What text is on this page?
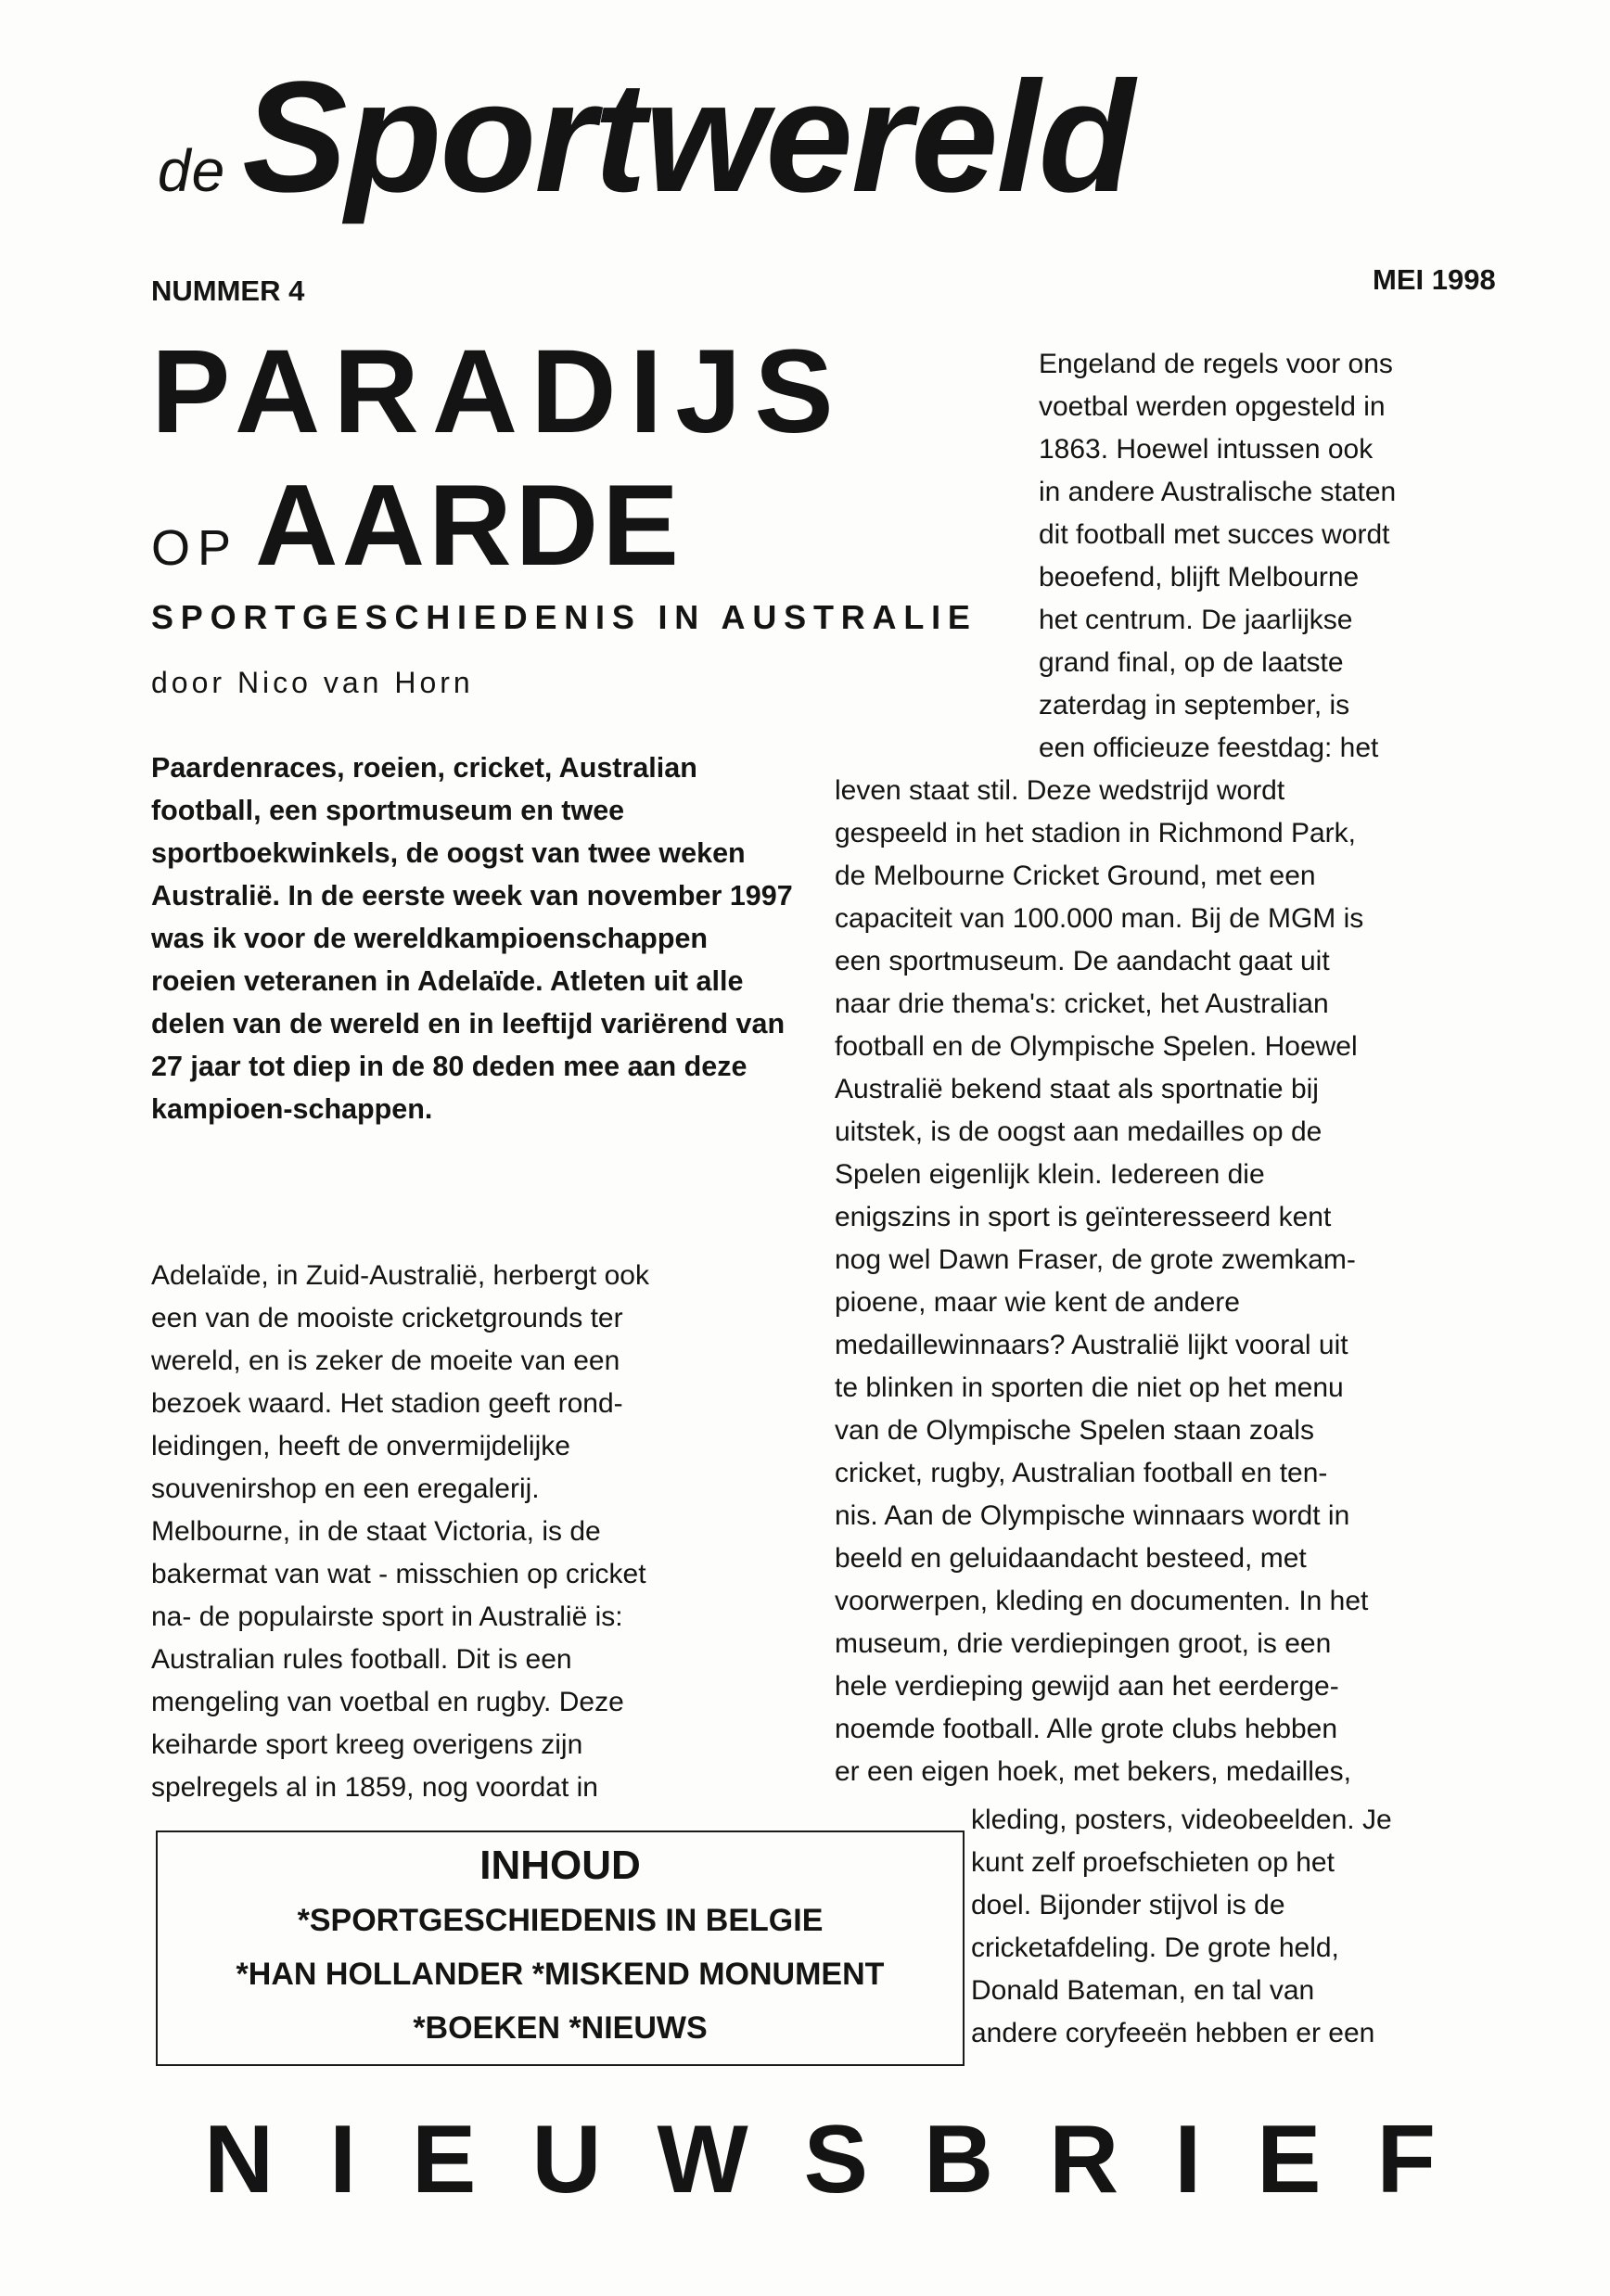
de Sportwereld
NUMMER 4	MEI 1998
PARADIJS
OP AARDE
SPORTGESCHIEDENIS IN AUSTRALIE
door Nico van Horn
Paardenraces, roeien, cricket, Australian football, een sportmuseum en twee sportboekwinkels, de oogst van twee weken Australië. In de eerste week van november 1997 was ik voor de wereldkampioenschappen roeien veteranen in Adelaïde. Atleten uit alle delen van de wereld en in leeftijd variërend van 27 jaar tot diep in de 80 deden mee aan deze kampioen-schappen.
Adelaïde, in Zuid-Australië, herbergt ook
een van de mooiste cricketgrounds ter
wereld, en is zeker de moeite van een
bezoek waard. Het stadion geeft rond-
leidingen, heeft de onvermijdelijke
souvenirshop en een eregalerij.
Melbourne, in de staat Victoria, is de
bakermat van wat - misschien op cricket
na- de populairste sport in Australië is:
Australian rules football. Dit is een
mengeling van voetbal en rugby. Deze
keiharde sport kreeg overigens zijn
spelregels al in 1859, nog voordat in
Engeland de regels voor ons
voetbal werden opgesteld in
1863. Hoewel intussen ook
in andere Australische staten
dit football met succes wordt
beoefend, blijft Melbourne
het centrum. De jaarlijkse
grand final, op de laatste
zaterdag in september, is
een officieuze feestdag: het
leven staat stil. Deze wedstrijd wordt
gespeeld in het stadion in Richmond Park,
de Melbourne Cricket Ground, met een
capaciteit van 100.000 man. Bij de MGM is
een sportmuseum. De aandacht gaat uit
naar drie thema's: cricket, het Australian
football en de Olympische Spelen. Hoewel
Australië bekend staat als sportnatie bij
uitstek, is de oogst aan medailles op de
Spelen eigenlijk klein. Iedereen die
enigszins in sport is geïnteresseerd kent
nog wel Dawn Fraser, de grote zwemkam-
pioene, maar wie kent de andere
medaillewinnaars? Australië lijkt vooral uit
te blinken in sporten die niet op het menu
van de Olympische Spelen staan zoals
cricket, rugby, Australian football en ten-
nis. Aan de Olympische winnaars wordt in
beeld en geluidaandacht besteed, met
voorwerpen, kleding en documenten. In het
museum, drie verdiepingen groot, is een
hele verdieping gewijd aan het eerderge-
noemde football. Alle grote clubs hebben
er een eigen hoek, met bekers, medailles,
kleding, posters, videobeelden. Je
kunt zelf proefschieten op het
doel. Bijonder stijvol is de
cricketafdeling. De grote held,
Donald Bateman, en tal van
andere coryfeeën hebben er een
INHOUD
*SPORTGESCHIEDENIS IN BELGIE
*HAN HOLLANDER *MISKEND MONUMENT
*BOEKEN *NIEUWS
NIEUWSBRIEF
